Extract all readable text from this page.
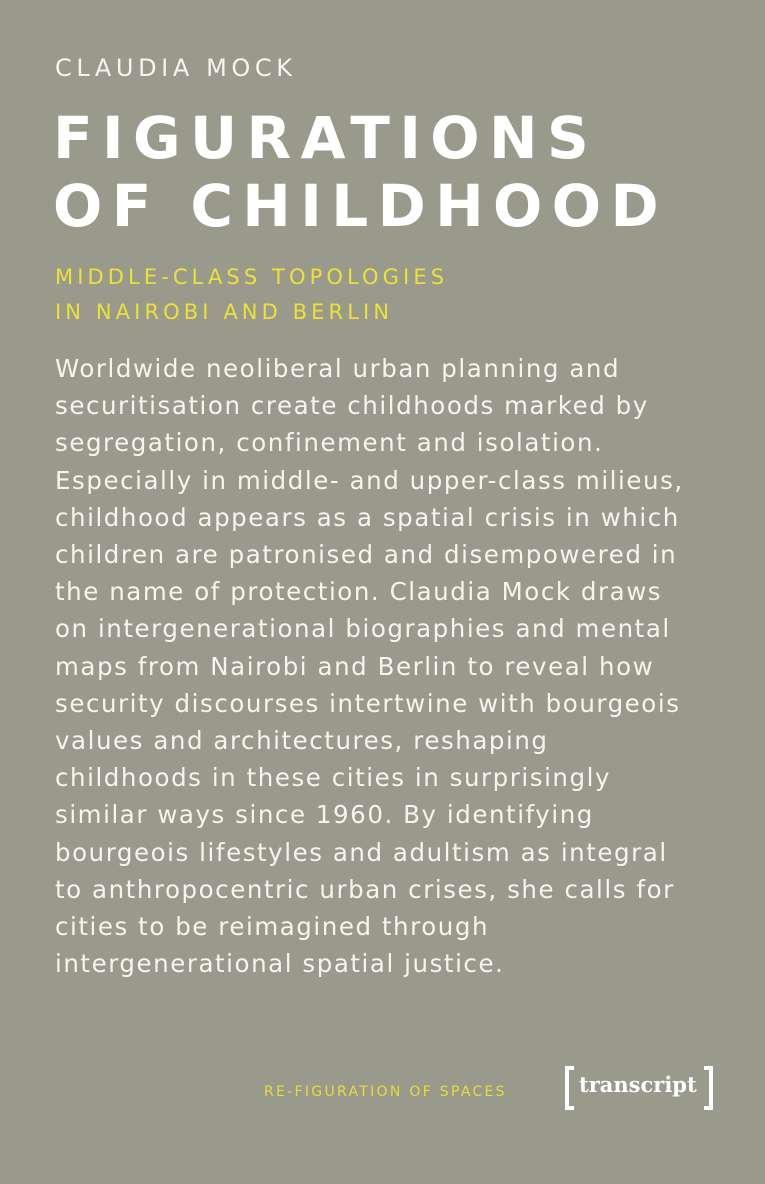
CLAUDIA MOCK
FIGURATIONS
OF CHILDHOOD
MIDDLE-CLASS TOPOLOGIES
IN NAIROBI AND BERLIN
Worldwide neoliberal urban planning and
securitisation create childhoods marked by
segregation, confinement and isolation.
Especially in middle- and upper-class milieus,
childhood appears as a spatial crisis in which
children are patronised and disempowered in
the name of protection. Claudia Mock draws
on intergenerational biographies and mental
maps from Nairobi and Berlin to reveal how
security discourses intertwine with bourgeois
values and architectures, reshaping
childhoods in these cities in surprisingly
similar ways since 1960. By identifying
bourgeois lifestyles and adultism as integral
to anthropocentric urban crises, she calls for
cities to be reimagined through
intergenerational spatial justice.
RE-FIGURATION OF SPACES	transcript
